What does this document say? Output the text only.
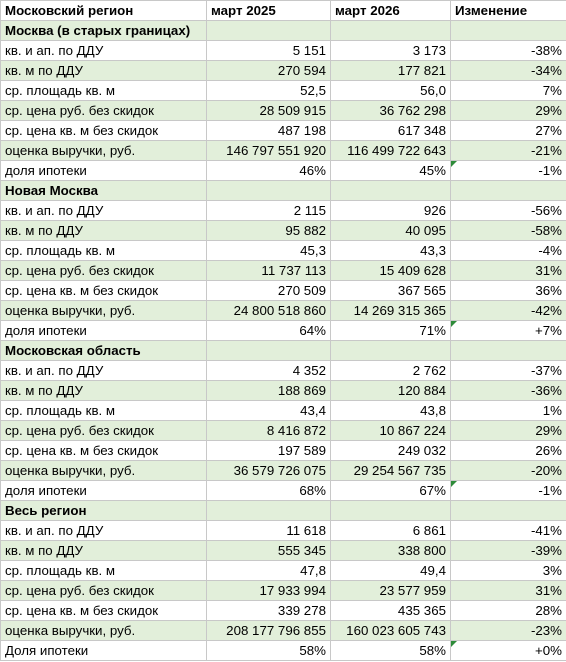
Московский регион	март 2025	март 2026	Изменение
Москва (в старых границах)			
кв. и ап. по ДДУ	5 151	3 173	-38%
кв. м по ДДУ	270 594	177 821	-34%
ср. площадь кв. м	52,5	56,0	7%
ср. цена руб. без скидок	28 509 915	36 762 298	29%
ср. цена кв. м без скидок	487 198	617 348	27%
оценка выручки, руб.	146 797 551 920	116 499 722 643	-21%
доля ипотеки	46%	45%	-1%
Новая Москва			
кв. и ап. по ДДУ	2 115	926	-56%
кв. м по ДДУ	95 882	40 095	-58%
ср. площадь кв. м	45,3	43,3	-4%
ср. цена руб. без скидок	11 737 113	15 409 628	31%
ср. цена кв. м без скидок	270 509	367 565	36%
оценка выручки, руб.	24 800 518 860	14 269 315 365	-42%
доля ипотеки	64%	71%	+7%
Московская область			
кв. и ап. по ДДУ	4 352	2 762	-37%
кв. м по ДДУ	188 869	120 884	-36%
ср. площадь кв. м	43,4	43,8	1%
ср. цена руб. без скидок	8 416 872	10 867 224	29%
ср. цена кв. м без скидок	197 589	249 032	26%
оценка выручки, руб.	36 579 726 075	29 254 567 735	-20%
доля ипотеки	68%	67%	-1%
Весь регион			
кв. и ап. по ДДУ	11 618	6 861	-41%
кв. м по ДДУ	555 345	338 800	-39%
ср. площадь кв. м	47,8	49,4	3%
ср. цена руб. без скидок	17 933 994	23 577 959	31%
ср. цена кв. м без скидок	339 278	435 365	28%
оценка выручки, руб.	208 177 796 855	160 023 605 743	-23%
Доля ипотеки	58%	58%	+0%
